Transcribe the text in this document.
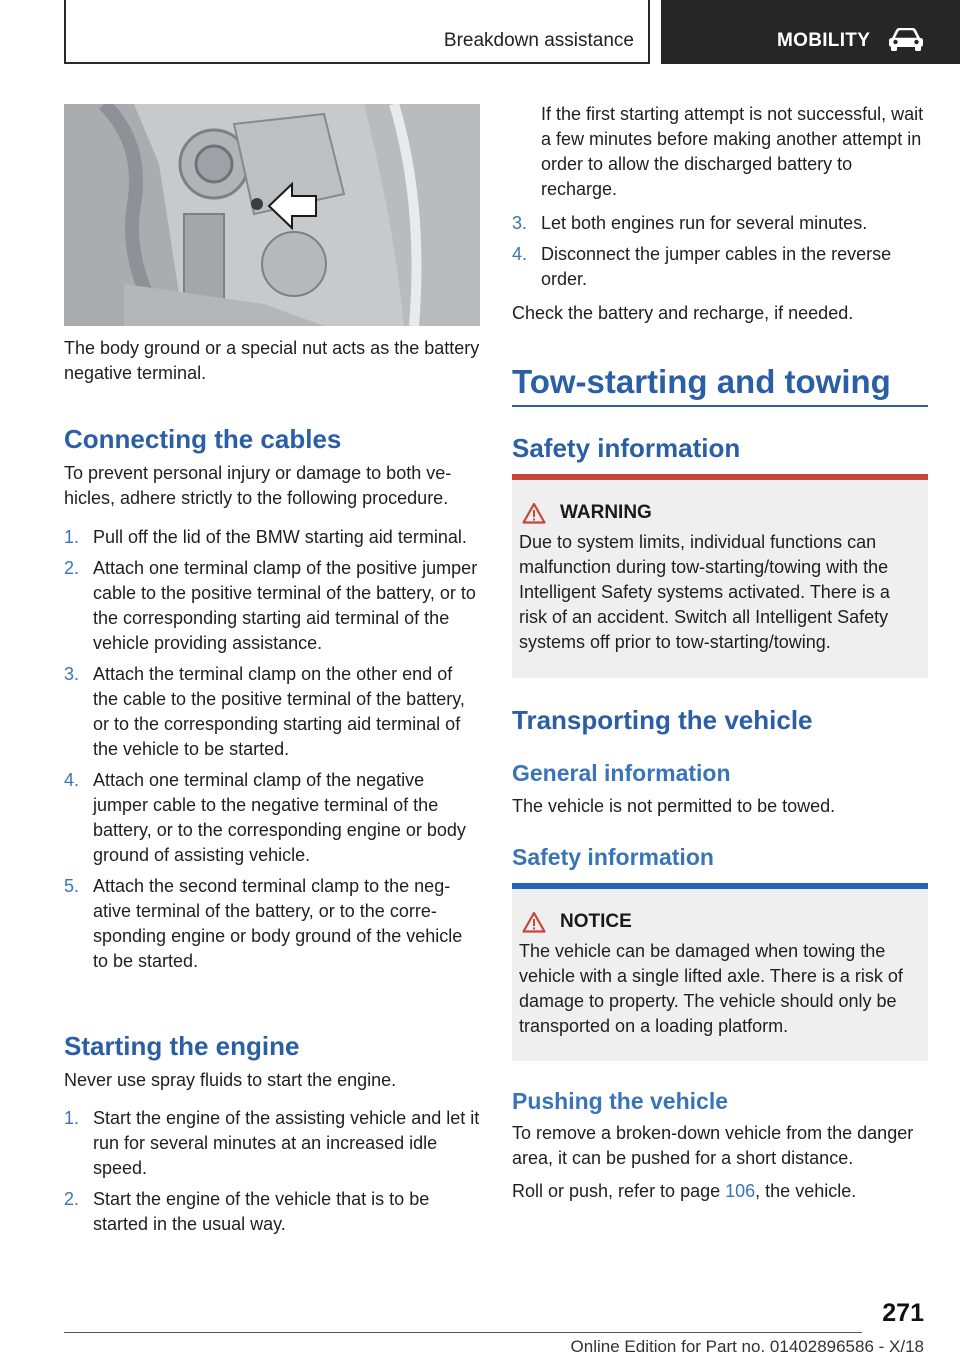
Breakdown assistance	MOBILITY

The body ground or a special nut acts as the battery negative terminal.

Connecting the cables

To prevent personal injury or damage to both vehicles, adhere strictly to the following procedure.

1. Pull off the lid of the BMW starting aid terminal.
2. Attach one terminal clamp of the positive jumper cable to the positive terminal of the battery, or to the corresponding starting aid terminal of the vehicle providing assistance.
3. Attach the terminal clamp on the other end of the cable to the positive terminal of the battery, or to the corresponding starting aid terminal of the vehicle to be started.
4. Attach one terminal clamp of the negative jumper cable to the negative terminal of the battery, or to the corresponding engine or body ground of assisting vehicle.
5. Attach the second terminal clamp to the negative terminal of the battery, or to the corresponding engine or body ground of the vehicle to be started.
Starting the engine

Never use spray fluids to start the engine.

1. Start the engine of the assisting vehicle and let it run for several minutes at an increased idle speed.
2. Start the engine of the vehicle that is to be started in the usual way.

If the first starting attempt is not successful, wait a few minutes before making another attempt in order to allow the discharged battery to recharge.

3. Let both engines run for several minutes.
4. Disconnect the jumper cables in the reverse order.

Check the battery and recharge, if needed.

Tow-starting and towing
Safety information
WARNING

Due to system limits, individual functions can malfunction during tow-starting/towing with the Intelligent Safety systems activated. There is a risk of an accident. Switch all Intelligent Safety systems off prior to tow-starting/towing.

Transporting the vehicle
General information

The vehicle is not permitted to be towed.

Safety information
NOTICE

The vehicle can be damaged when towing the vehicle with a single lifted axle. There is a risk of damage to property. The vehicle should only be transported on a loading platform.

Pushing the vehicle

To remove a broken-down vehicle from the danger area, it can be pushed for a short distance.

Roll or push, refer to page 106, the vehicle.

271
Online Edition for Part no. 01402896586 - X/18
